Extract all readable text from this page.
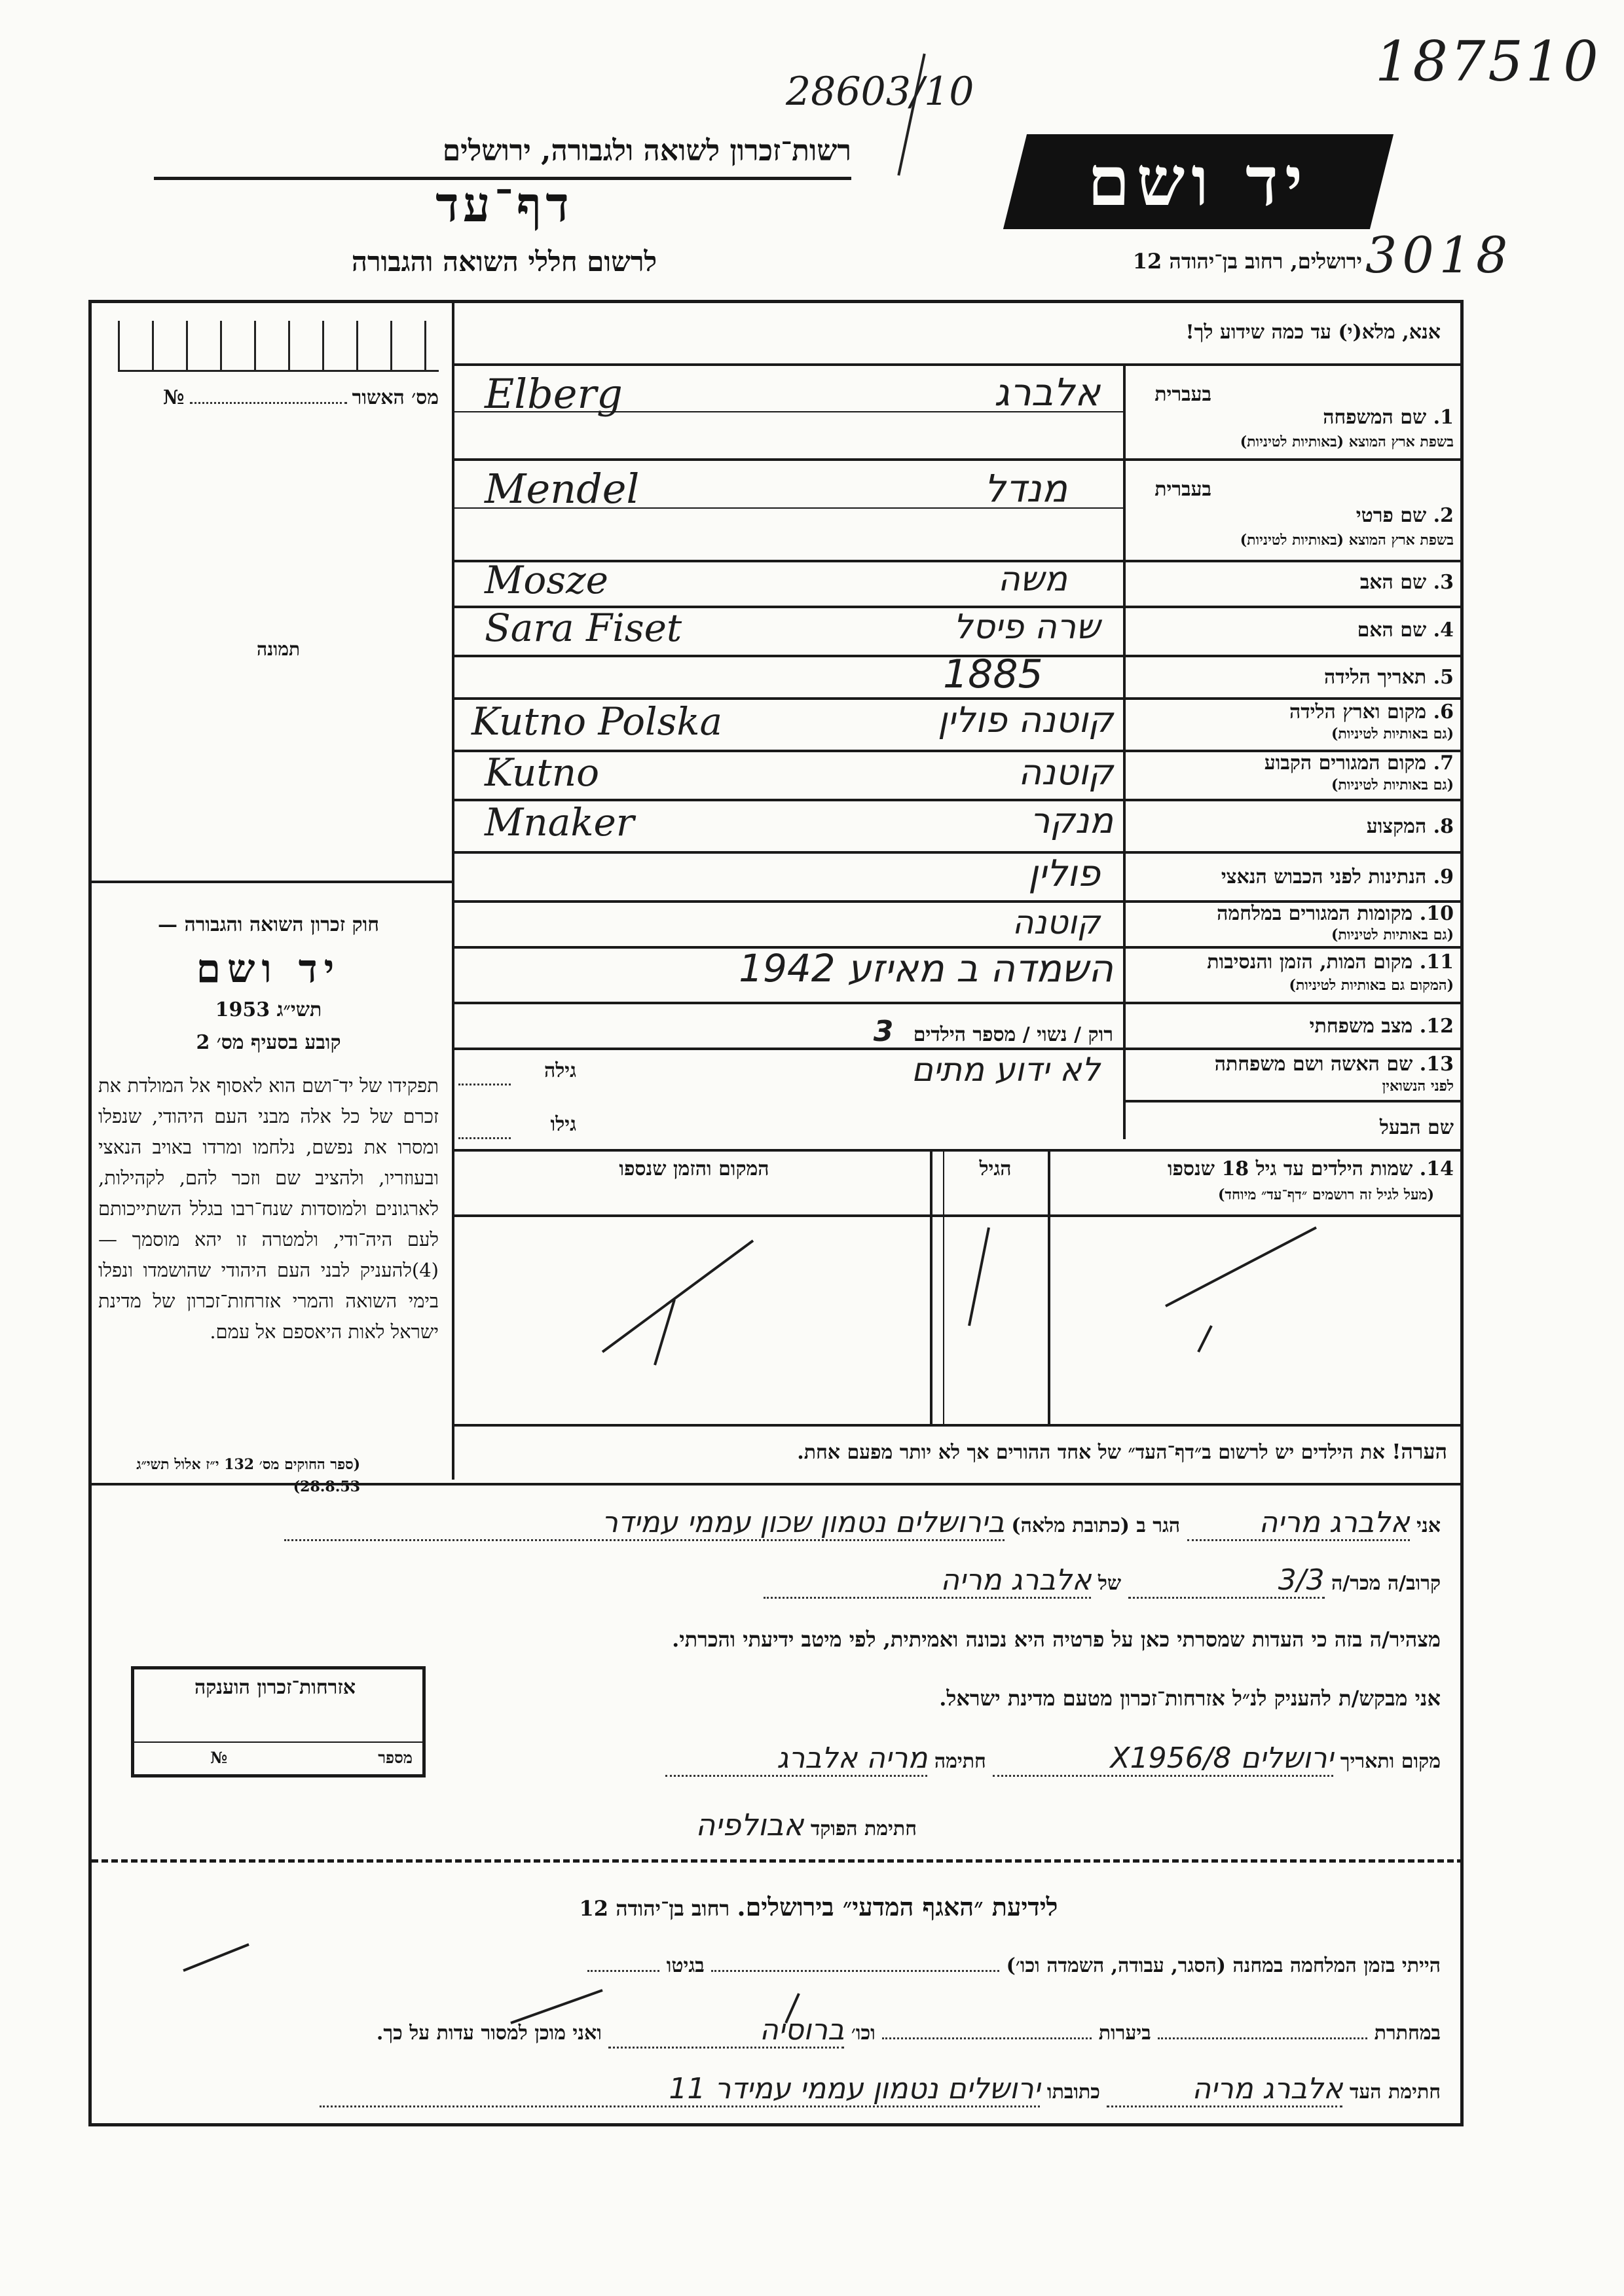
28603/10	187510
רשות־זכרון לשואה ולגבורה, ירושלים
דף־עד
לרשום חללי השואה והגבורה
יד ושם
ירושלים, רחוב בן־יהודה 12 3018
מס׳ האשור№
תמונה
חוק זכרון השואה והגבורה —
יד ושם
תשי״ג 1953
קובע בסעיף מס׳ 2
תפקידו של יד־ושם הוא לאסוף אל המולדת את זכרם של כל אלה מבני העם היהודי, שנפלו ומסרו את נפשם, נלחמו ומרדו באויב הנאצי ובעוזריו, ולהציב שם וזכר להם, לקהילות, לארגונים ולמוסדות שנח־רבו בגלל השתייכותם לעם היה־ודי, ולמטרה זו יהא מוסמך — (4)להעניק לבני העם היהודי שהושמדו ונפלו בימי השואה והמרי אזרחות־זכרון של מדינת ישראל לאות היאספם אל עמם.
(ספר החוקים מס׳ 132 י״ז אלול תשי״ג 28.8.53)
אנא, מלא(י) עד כמה שידוע לך!
בעברית
1. שם המשפחה
בשפת ארץ המוצא (באותיות לטיניות)
אלברג
Elberg
בעברית
2. שם פרטי
בשפת ארץ המוצא (באותיות לטיניות)
מנדל
Mendel
3. שם האב
משה
Mosze
4. שם האם
שרה פיסל
Sara Fiset
5. תאריך הלידה
1885
6. מקום וארץ הלידה
(גם באותיות לטיניות)
קוטנה פולין
Kutno Polska
7. מקום המגורים הקבוע
(גם באותיות לטיניות)
קוטנה
Kutno
8. המקצוע
מנקר
Mnaker
9. הנתינות לפני הכבוש הנאצי
פולין
10. מקומות המגורים במלחמה
(גם באותיות לטיניות)
קוטנה
11. מקום המות, הזמן והנסיבות
(המקום גם באותיות לטיניות)
השמדה ב מאיזע 1942
12. מצב משפחתי
רוק / נשוי / מספר הילדים 3
13. שם האשה ושם משפחתה
לפני הנשואין
לא ידוע מתים
גילה
שם הבעל
גילו
14. שמות הילדים עד גיל 18 שנספו
(מעל לגיל זה רושמים ״דף־עד״ מיוחד)
הגיל
המקום והזמן שנספו
הערה! את הילדים יש לרשום ב״דף־העד״ של אחד ההורים אך לא יותר מפעם אחת.
אני אלברג מריה הגר ב (כתובת מלאה) בירושלים נטמון שכון עממי עמידר
קרוב/ה מכר/ה 3/3 של אלברג מריה
מצהיר/ה בזה כי העדות שמסרתי כאן על פרטיה היא נכונה ואמיתית, לפי מיטב ידיעתי והכרתי.
אני מבקש/ת להעניק לנ״ל אזרחות־זכרון מטעם מדינת ישראל.
מקום ותאריך ירושלים 8/X1956 חתימה מריה אלברג
חתימת הפוקד אבולפיה
אזרחות־זכרון הוענקה
מספר№
לידיעת ״האגף המדעי״ בירושלים. רחוב בן־יהודה 12
הייתי בזמן המלחמה במחנה (הסגר, עבודה, השמדה וכו׳)  בגיטו
במחתרת  ביערות  וכו׳ ברוסיה ואני מוכן למסור עדות על כך.
חתימת העד אלברג מריה כתובתו ירושלים נטמון עממי עמידר 11
